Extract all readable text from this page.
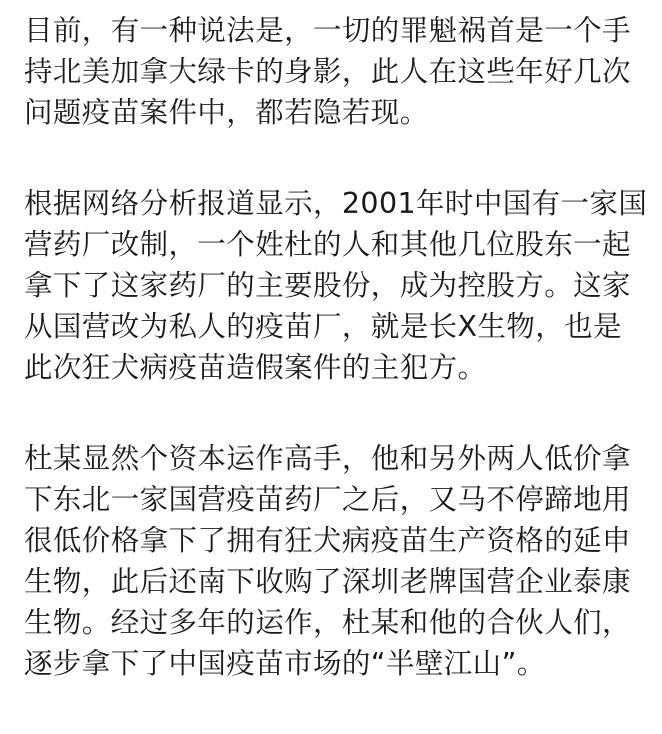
目前，有一种说法是，一切的罪魁祸首是一个手
持北美加拿大绿卡的身影，此人在这些年好几次
问题疫苗案件中，都若隐若现。
根据网络分析报道显示，2001年时中国有一家国
营药厂改制，一个姓杜的人和其他几位股东一起
拿下了这家药厂的主要股份，成为控股方。这家
从国营改为私人的疫苗厂，就是长X生物，也是
此次狂犬病疫苗造假案件的主犯方。
杜某显然个资本运作高手，他和另外两人低价拿
下东北一家国营疫苗药厂之后，又马不停蹄地用
很低价格拿下了拥有狂犬病疫苗生产资格的延申
生物，此后还南下收购了深圳老牌国营企业泰康
生物。经过多年的运作，杜某和他的合伙人们，
逐步拿下了中国疫苗市场的“半壁江山”。
